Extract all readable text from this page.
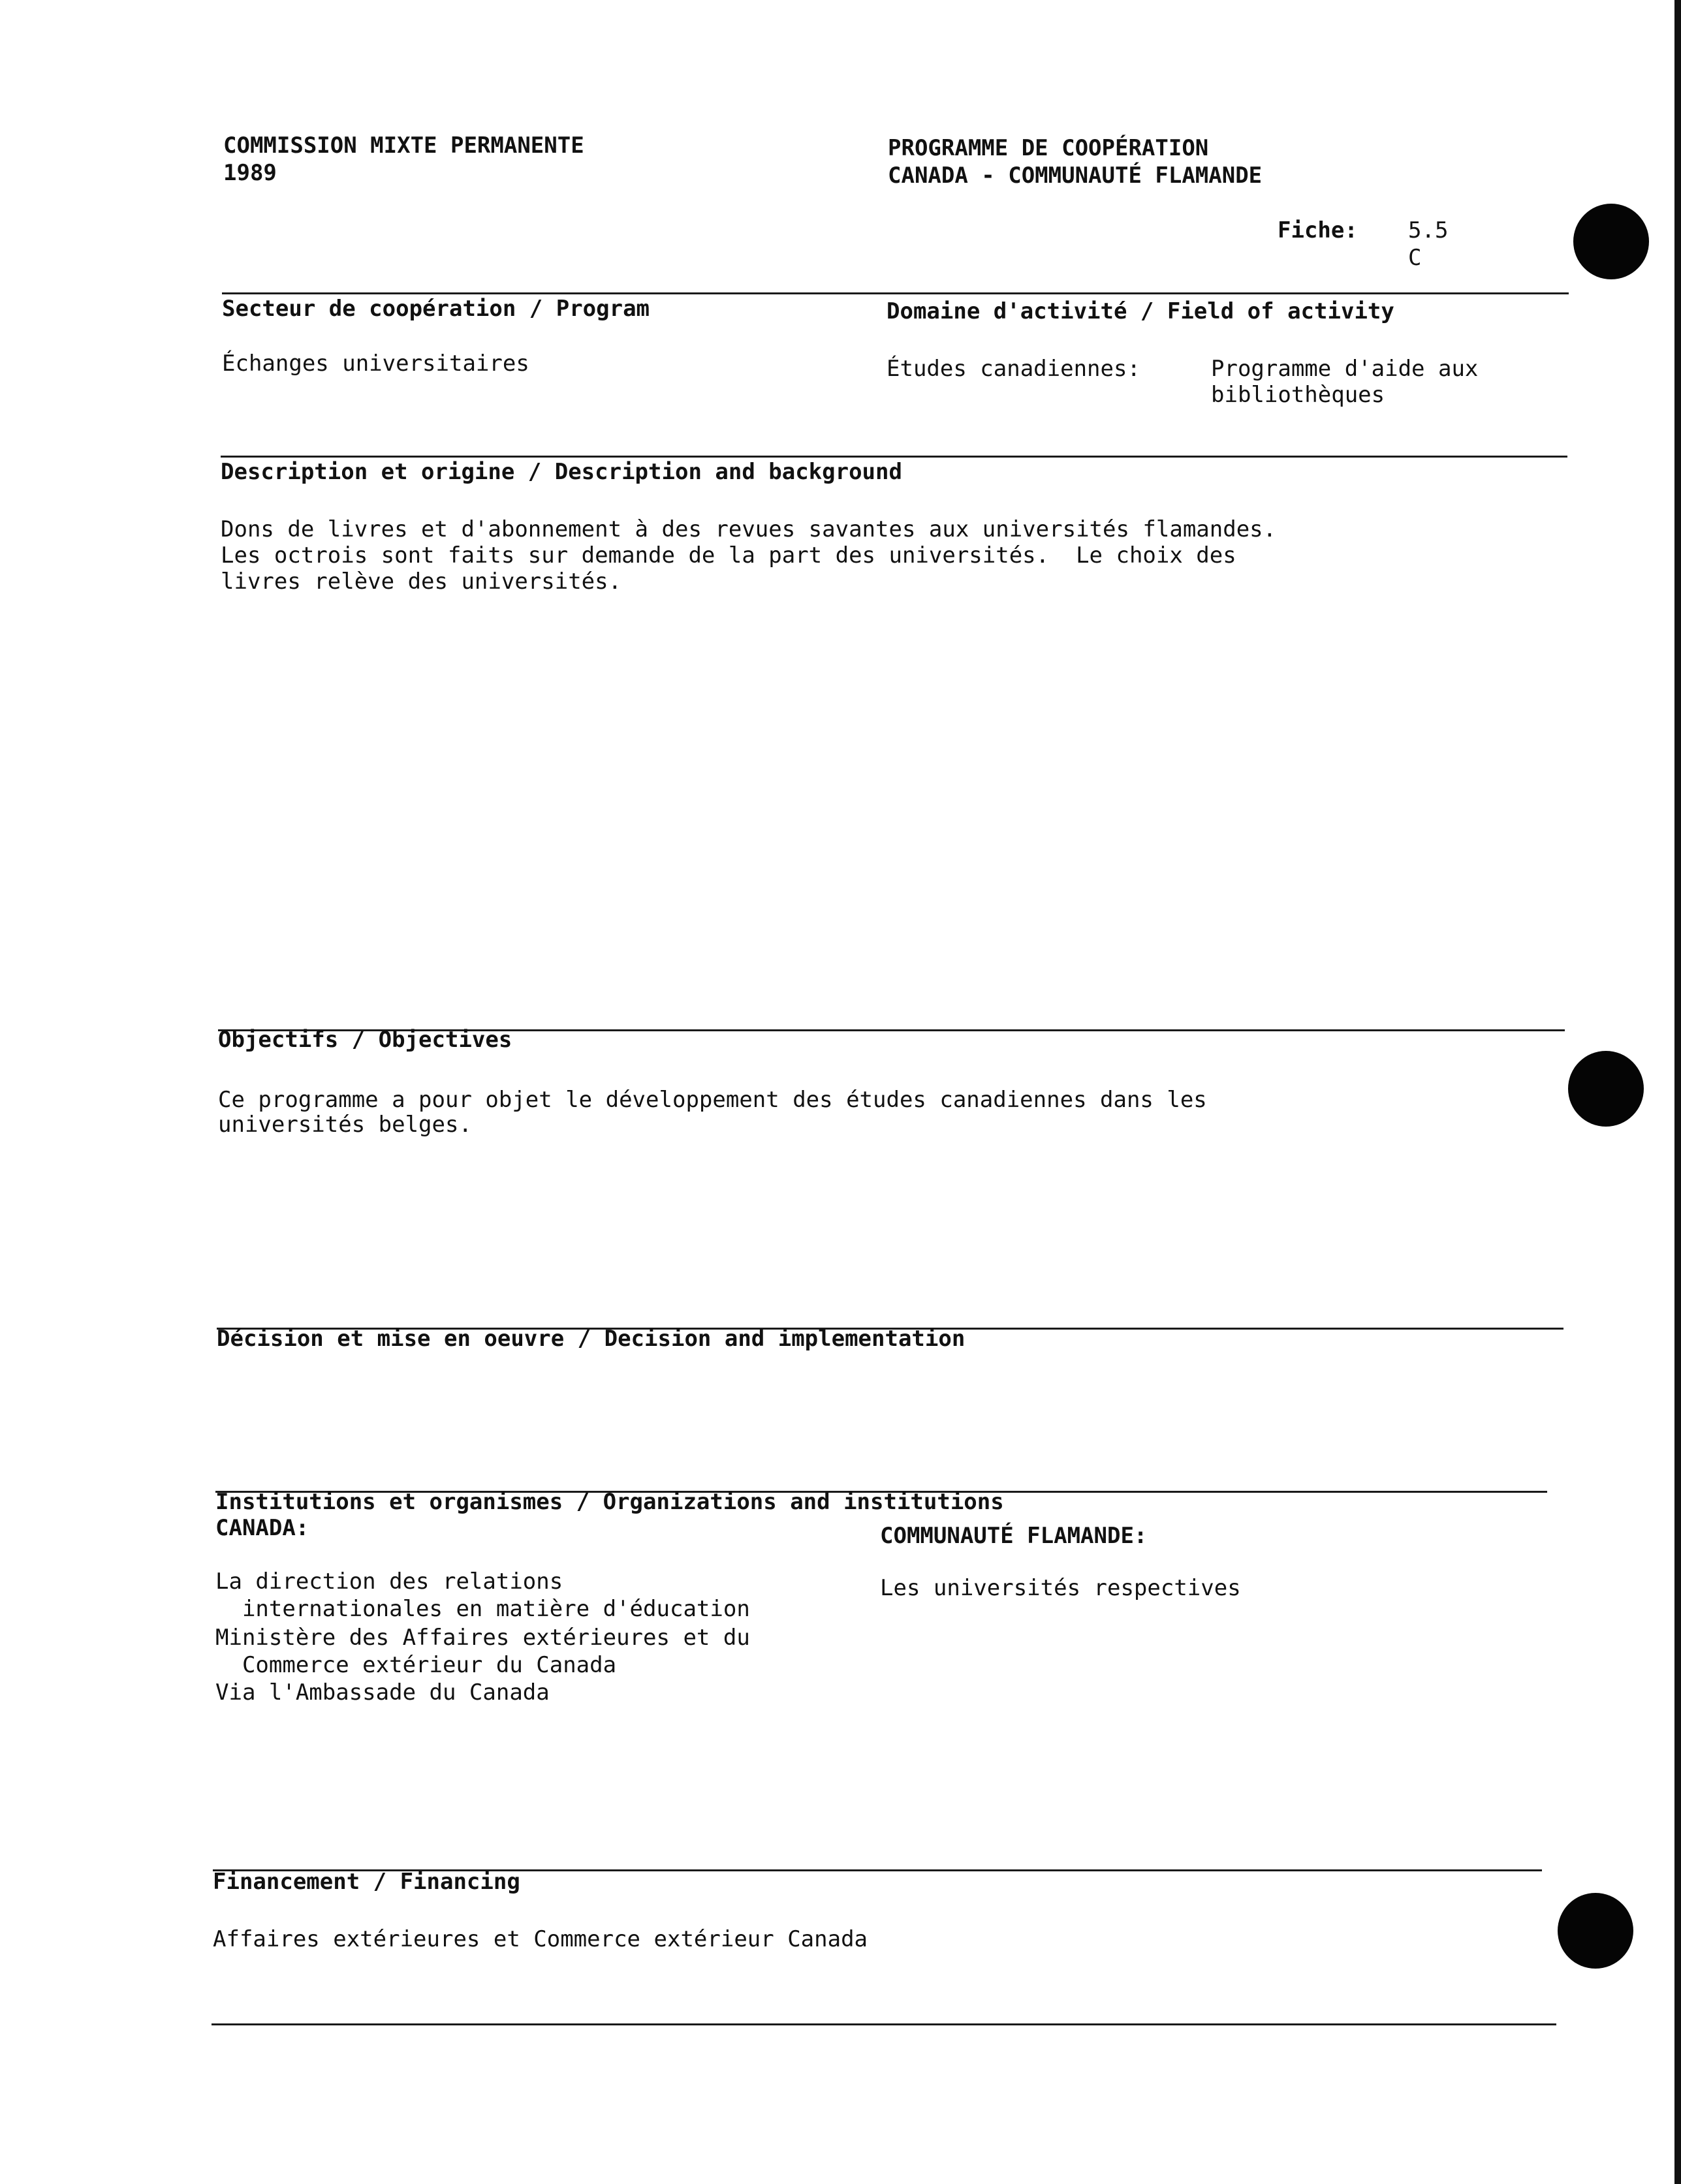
COMMISSION MIXTE PERMANENTE
1989
PROGRAMME DE COOPÉRATION
CANADA - COMMUNAUTÉ FLAMANDE
Fiche: 5.5
C
Secteur de coopération / Program
Échanges universitaires
Domaine d'activité / Field of activity
Études canadiennes:	Programme d'aide aux
bibliothèques
Description et origine / Description and background
Dons de livres et d'abonnement à des revues savantes aux universités flamandes.
Les octrois sont faits sur demande de la part des universités.  Le choix des
livres relève des universités.
Objectifs / Objectives
Ce programme a pour objet le développement des études canadiennes dans les
universités belges.
Décision et mise en oeuvre / Decision and implementation
Institutions et organismes / Organizations and institutions
CANADA:	COMMUNAUTÉ FLAMANDE:
La direction des relations
internationales en matière d'éducation
Ministère des Affaires extérieures et du
Commerce extérieur du Canada
Via l'Ambassade du Canada
Les universités respectives
Financement / Financing
Affaires extérieures et Commerce extérieur Canada
